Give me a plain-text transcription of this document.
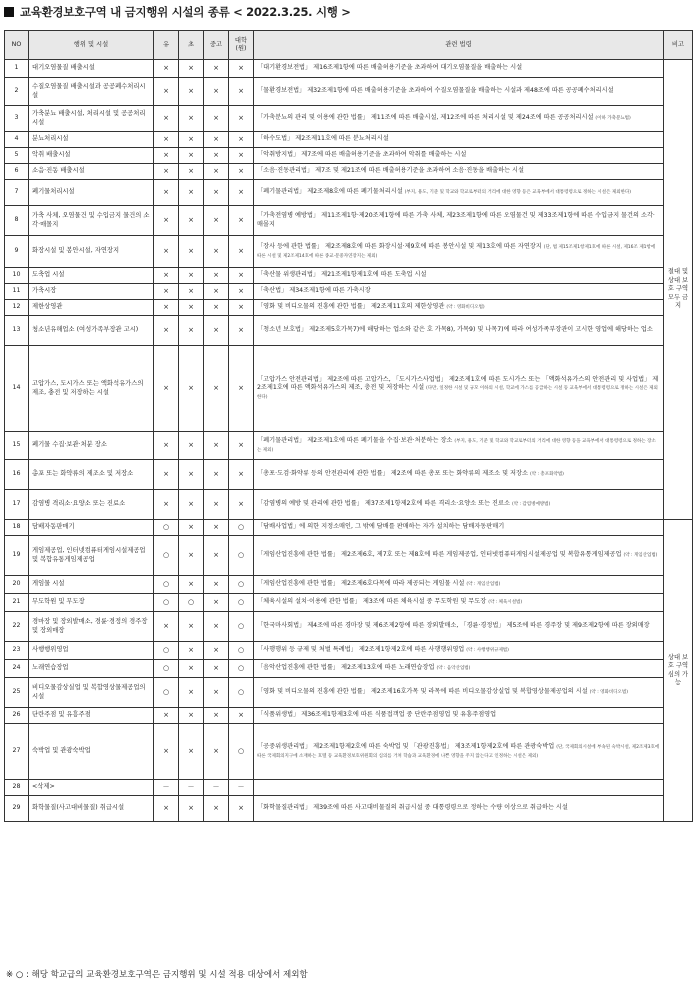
교육환경보호구역 내 금지행위 시설의 종류 < 2022.3.25. 시행 >
NO	행위 및 시설	유	초	중고	대학(원)	관련 법령	비고
1	대기오염물질 배출시설	×	×	×	×	「대기환경보전법」 제16조제1항에 따른 배출허용기준을 초과하여 대기오염물질을 배출하는 시설	절대 및 상대 보호 구역 모두 금지
2	수질오염물질 배출시설과 공공폐수처리시설	×	×	×	×	「물환경보전법」 제32조제1항에 따른 배출허용기준을 초과하여 수질오염물질을 배출하는 시설과 제48조에 따른 공공폐수처리시설	
3	가축분뇨 배출시설, 처리시설 및 공공처리시설	×	×	×	×	「가축분뇨의 관리 및 이용에 관한 법률」 제11조에 따른 배출시설, 제12조에 따른 처리시설 및 제24조에 따른 공공처리시설 (이하 가축분뇨법)	
4	분뇨처리시설	×	×	×	×	「하수도법」 제2조제11호에 따른 분뇨처리시설	
5	악취 배출시설	×	×	×	×	「악취방지법」 제7조에 따른 배출허용기준을 초과하여 악취를 배출하는 시설	
6	소음·진동 배출시설	×	×	×	×	「소음·진동관리법」 제7조 및 제21조에 따른 배출허용기준을 초과하여 소음·진동을 배출하는 시설	
7	폐기물처리시설	×	×	×	×	「폐기물관리법」 제2조제8호에 따른 폐기물처리시설 (부지, 용도, 기준 및 학교와 학교로부터의 거리에 대한 영향 등은 교육부에서 대통령령으로 정하는 시설은 제외한다)	
8	가축 사체, 오염물건 및 수입금지 물건의 소각·매몰지	×	×	×	×	「가축전염병 예방법」 제11조제1항·제20조제1항에 따른 가축 사체, 제23조제1항에 따른 오염물건 및 제33조제1항에 따른 수입금지 물건의 소각·매몰지	
9	화장시설 및 봉안시설, 자연장지	×	×	×	×	「장사 등에 관한 법률」 제2조제8호에 따른 화장시설·제9호에 따른 봉안시설 및 제13호에 따른 자연장지 (단, 법 제15조제1항제1호에 따른 시설, 제16조 제1항에 따른 시설 및 제2조제14호에 따른 종교·문중자연장지는 제외)	
10	도축업 시설	×	×	×	×	「축산물 위생관리법」 제21조제1항제1호에 따른 도축업 시설	
11	가축시장	×	×	×	×	「축산법」 제34조제1항에 따른 가축시장	
12	제한상영관	×	×	×	×	「영화 및 비디오물의 진흥에 관한 법률」 제2조제11호의 제한상영관 (약 : 영화비디오법)	
13	청소년유해업소 (여성가족부장관 고시)	×	×	×	×	「청소년 보호법」 제2조제5호가목7)에 해당하는 업소와 같은 호 가목8), 가목9) 및 나목7)에 따라 여성가족부장관이 고시한 영업에 해당하는 업소	
14	고압가스, 도시가스 또는 액화석유가스의 제조, 충전 및 저장하는 시설	×	×	×	×	「고압가스 안전관리법」 제2조에 따른 고압가스, 「도시가스사업법」 제2조제1호에 따른 도시가스 또는 「액화석유가스의 안전관리 및 사업법」 제2조제1호에 따른 액화석유가스의 제조, 충전 및 저장하는 시설 (다만, 일정한 시설 및 규모 이하의 시설, 학교에 가스를 공급하는 시설 등 교육부에서 대통령령으로 정하는 시설은 제외한다)	
15	폐기물 수집·보관·처분 장소	×	×	×	×	「폐기물관리법」 제2조제1호에 따른 폐기물을 수집·보관·처분하는 장소 (부지, 용도, 기준 및 학교와 학교로부터의 거리에 대한 영향 등을 교육부에서 대통령령으로 정하는 장소는 제외)	
16	총포 또는 화약류의 제조소 및 저장소	×	×	×	×	「총포·도검·화약류 등의 안전관리에 관한 법률」 제2조에 따른 총포 또는 화약류의 제조소 및 저장소 (약 : 총포화약법)	
17	감염병 격리소·요양소 또는 진료소	×	×	×	×	「감염병의 예방 및 관리에 관한 법률」 제37조제1항제2호에 따른 격리소·요양소 또는 진료소 (약 : 감염병예방법)	
18	담배자동판매기	○	×	×	○	「담배사업법」에 의한 지정소매인, 그 밖에 담배를 판매하는 자가 설치하는 담배자동판매기	상대 보호 구역 심의 가능
19	게임제공업, 인터넷컴퓨터게임시설제공업 및 복합유통게임제공업	○	×	×	○	「게임산업진흥에 관한 법률」 제2조제6호, 제7호 또는 제8호에 따른 게임제공업, 인터넷컴퓨터게임시설제공업 및 복합유통게임제공업 (약 : 게임산업법)	
20	게임물 시설	○	×	×	○	「게임산업진흥에 관한 법률」 제2조제6호다목에 따라 제공되는 게임물 시설 (약 : 게임산업법)	
21	무도학원 및 무도장	○	○	×	○	「체육시설의 설치·이용에 관한 법률」 제3조에 따른 체육시설 중 무도학원 및 무도장 (약 : 체육시설법)	
22	경마장 및 장외발매소, 경륜·경정의 경주장 및 장외매장	×	×	×	○	「한국마사회법」 제4조에 따른 경마장 및 제6조제2항에 따른 장외발매소, 「경륜·경정법」 제5조에 따른 경주장 및 제9조제2항에 따른 장외매장	
23	사행행위영업	○	×	×	○	「사행행위 등 규제 및 처벌 특례법」 제2조제1항제2호에 따른 사행행위영업 (약 : 사행행위규제법)	
24	노래연습장업	○	×	×	○	「음악산업진흥에 관한 법률」 제2조제13호에 따른 노래연습장업 (약 : 음악산업법)	
25	비디오물감상실업 및 복합영상물제공업의 시설	○	×	×	○	「영화 및 비디오물의 진흥에 관한 법률」 제2조제16호가목 및 라목에 따른 비디오물감상실업 및 복합영상물제공업의 시설 (약 : 영화비디오법)	
26	단란주점 및 유흥주점	×	×	×	×	「식품위생법」 제36조제1항제3호에 따른 식품접객업 중 단란주점영업 및 유흥주점영업	
27	숙박업 및 관광숙박업	×	×	×	○	「공중위생관리법」 제2조제1항제2호에 따른 숙박업 및 「관광진흥법」 제3조제1항제2호에 따른 관광숙박업 (단, 국제회의시설에 부속된 숙박시설, 제2조제3호에 따른 국제회의지구에 소재하는 호텔 등 교육환경보호위원회의 심의를 거쳐 학습과 교육환경에 나쁜 영향을 주지 않는다고 인정하는 시설은 제외)	
28	<삭제>	－	－	－	－		
29	화학물질(사고대비물질) 취급시설	×	×	×	×	「화학물질관리법」 제39조에 따른 사고대비물질의 취급시설 중 대통령령으로 정하는 수량 이상으로 취급하는 시설	
※ ○ : 해당 학교급의 교육환경보호구역은 금지행위 및 시설 적용 대상에서 제외함
